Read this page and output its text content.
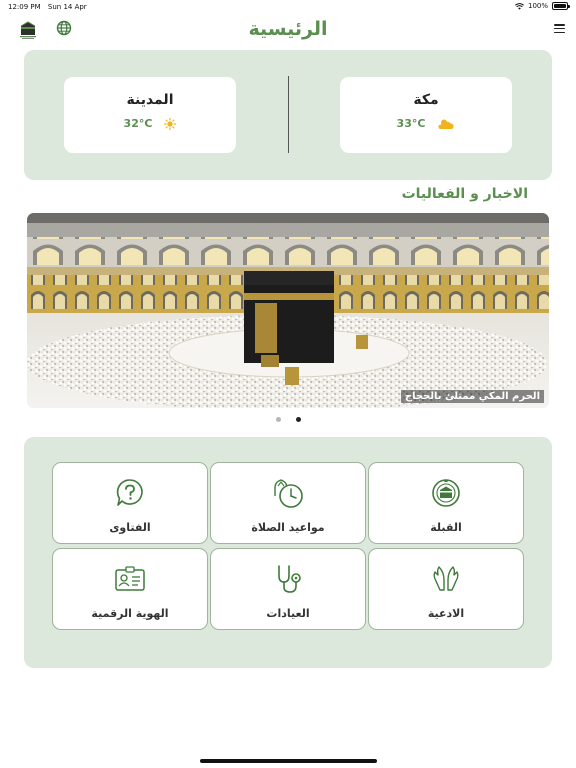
12:09 PM Sun 14 Apr	100%
الرئيسية
مكة
33°C
المدينة
32°C
الاخبار و الفعاليات
الحرم المكي ممتلئ بالحجاج
القبلة
مواعيد الصلاة
الفتاوى
الادعية
العيادات
الهوية الرقمية
